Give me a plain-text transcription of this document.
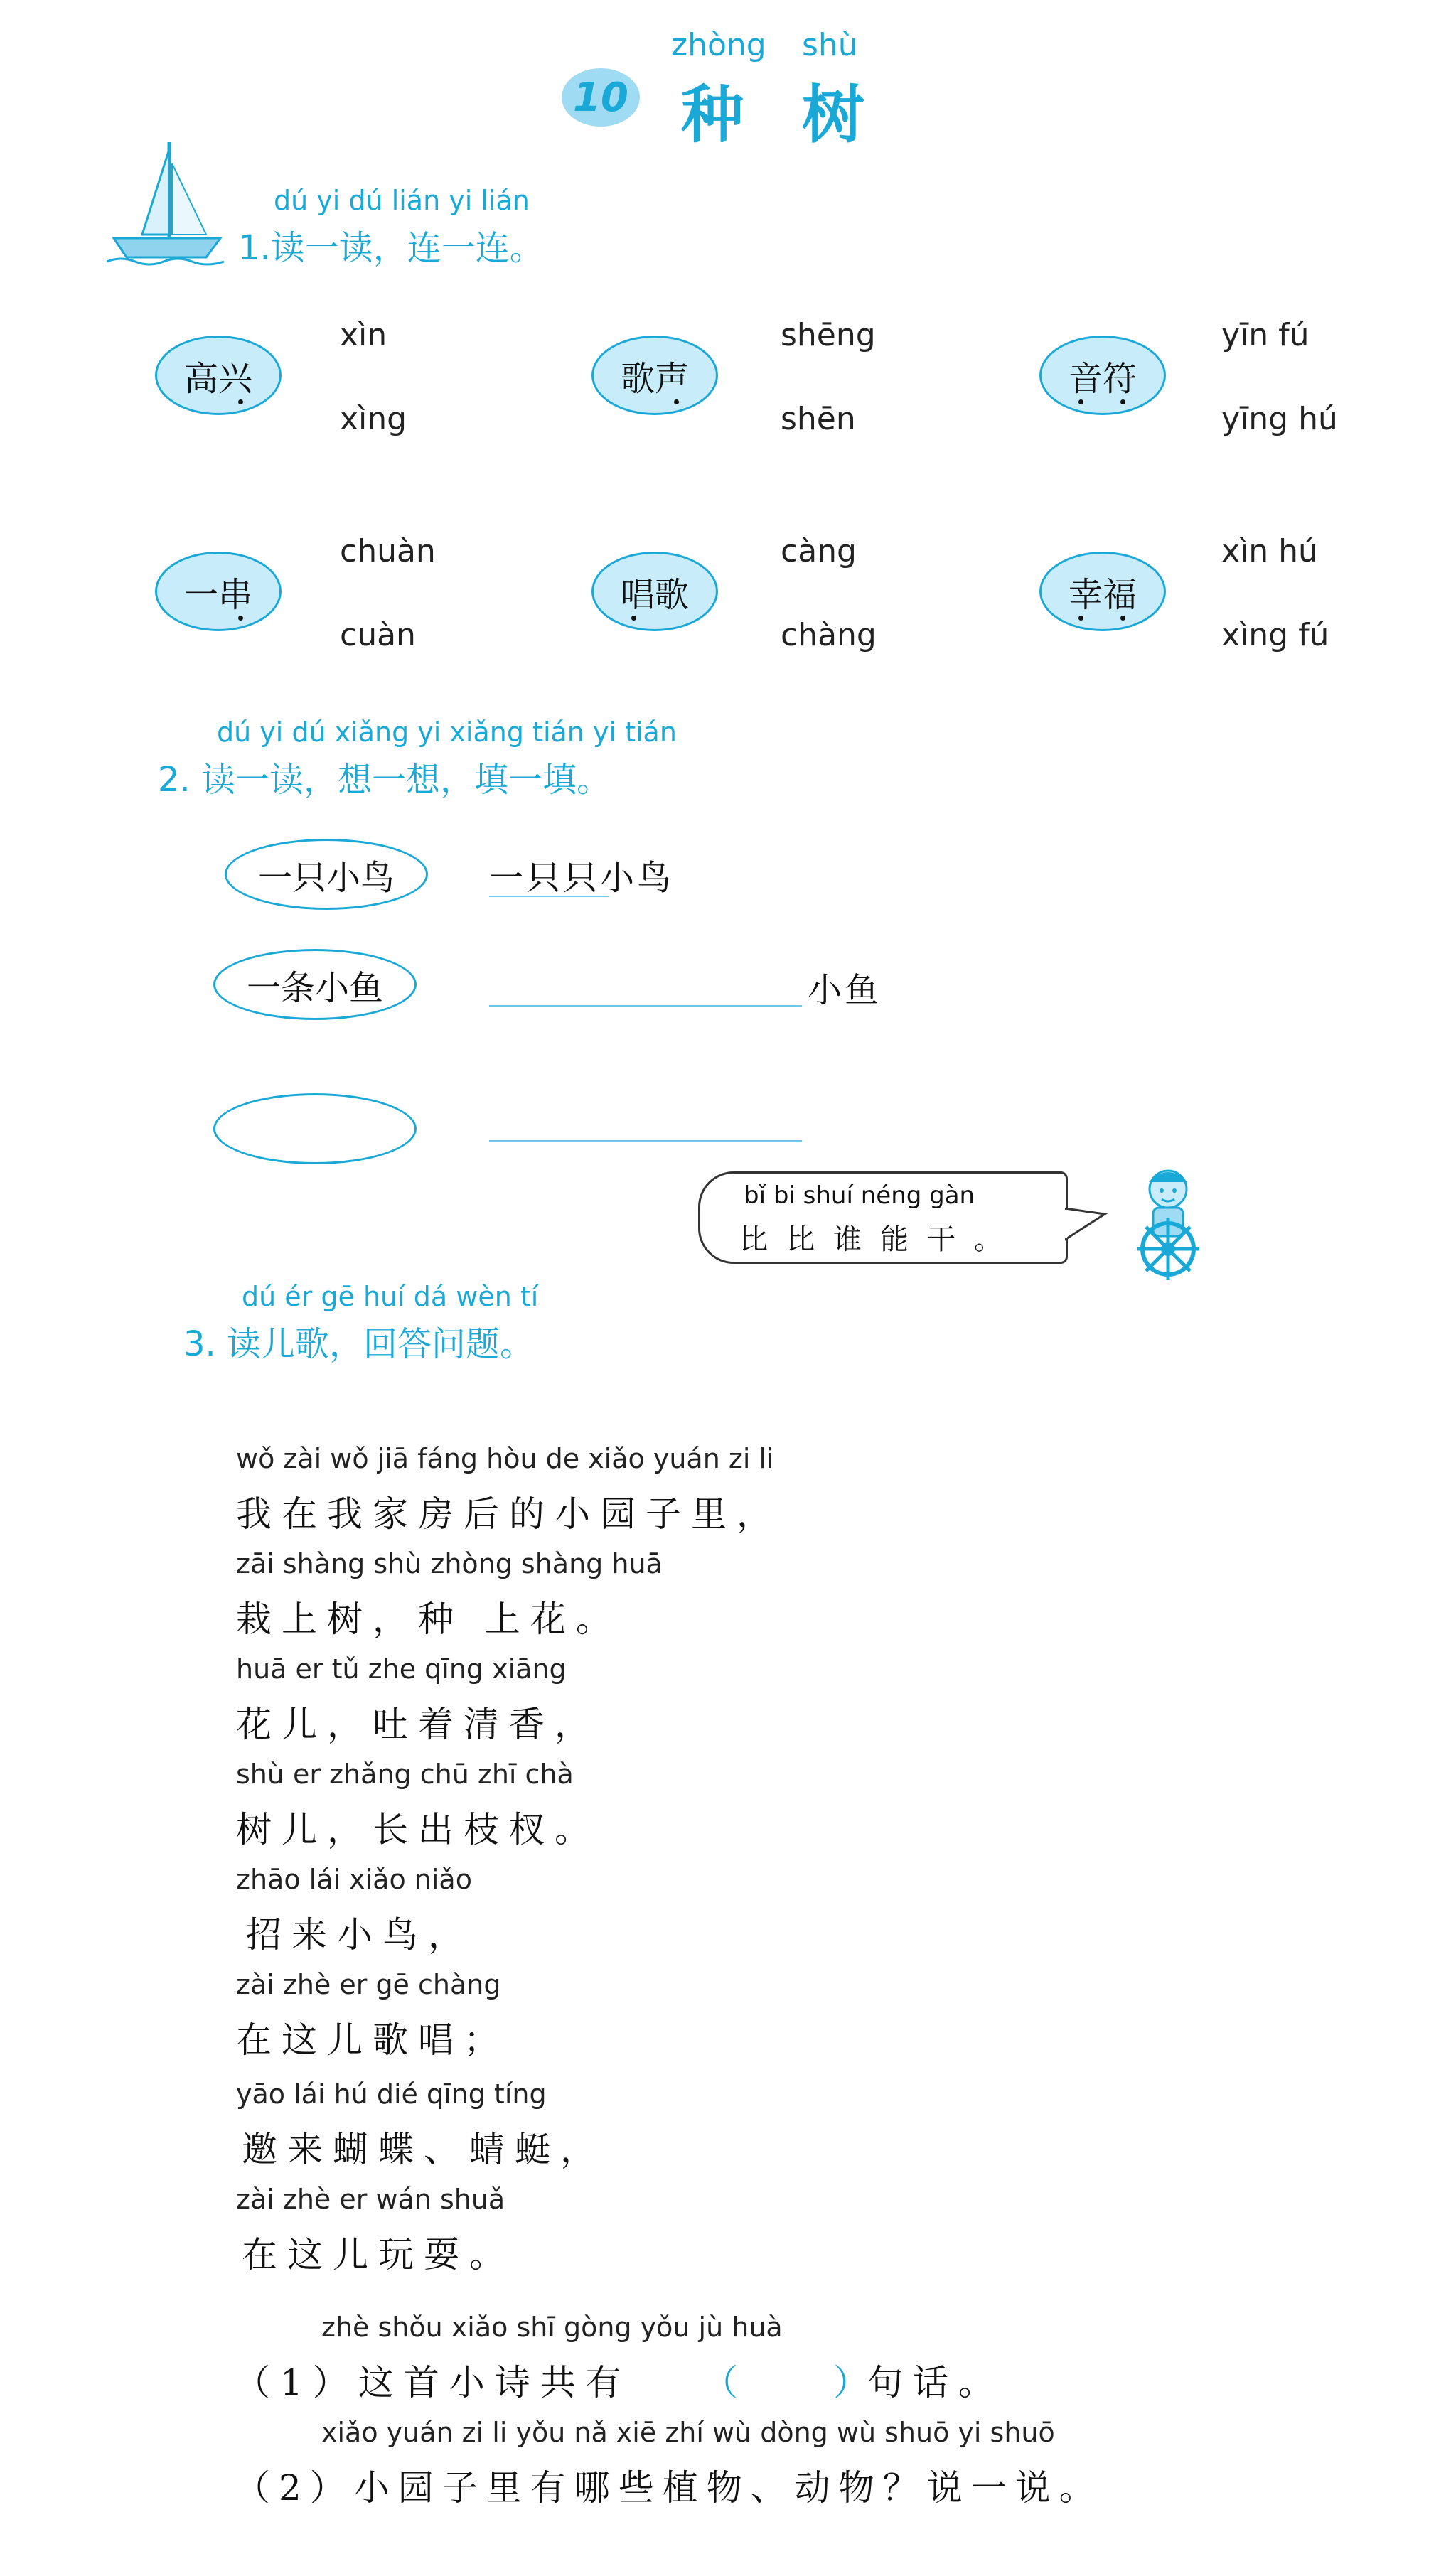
zhòng shù
10 种 树
dú yi dú lián yi lián
1.读一读，连一连。
高兴
xìn
xìng
歌声
shēng
shēn
音符
yīn fú
yīng hú
一串
chuàn
cuàn
唱歌
càng
chàng
幸福
xìn hú
xìng fú
dú yi dú xiǎng yi xiǎng tián yi tián
2. 读一读，想一想，填一填。
一只小鸟	一只只小鸟
一条小鱼	小鱼
bǐ bi shuí néng gàn
比比谁能干。
dú ér gē huí dá wèn tí
3. 读儿歌，回答问题。
wǒ zài wǒ jiā fáng hòu de xiǎo yuán zi li
我在我家房后的小园子里，
zāi shàng shù zhòng shàng huā
栽上树，种 上花。
huā er tǔ zhe qīng xiāng
花儿，吐着清香，
shù er zhǎng chū zhī chà
树儿，长出枝杈。
zhāo lái xiǎo niǎo
招来小鸟，
zài zhè er gē chàng
在这儿歌唱；
yāo lái hú dié qīng tíng
邀来蝴蝶、蜻蜓，
zài zhè er wán shuǎ
在这儿玩耍。
zhè shǒu xiǎo shī gòng yǒu jù huà
（1）这首小诗共有 （	）
句话。
xiǎo yuán zi li yǒu nǎ xiē zhí wù dòng wù shuō yi shuō
（2）小园子里有哪些植物、动物？说一说。
